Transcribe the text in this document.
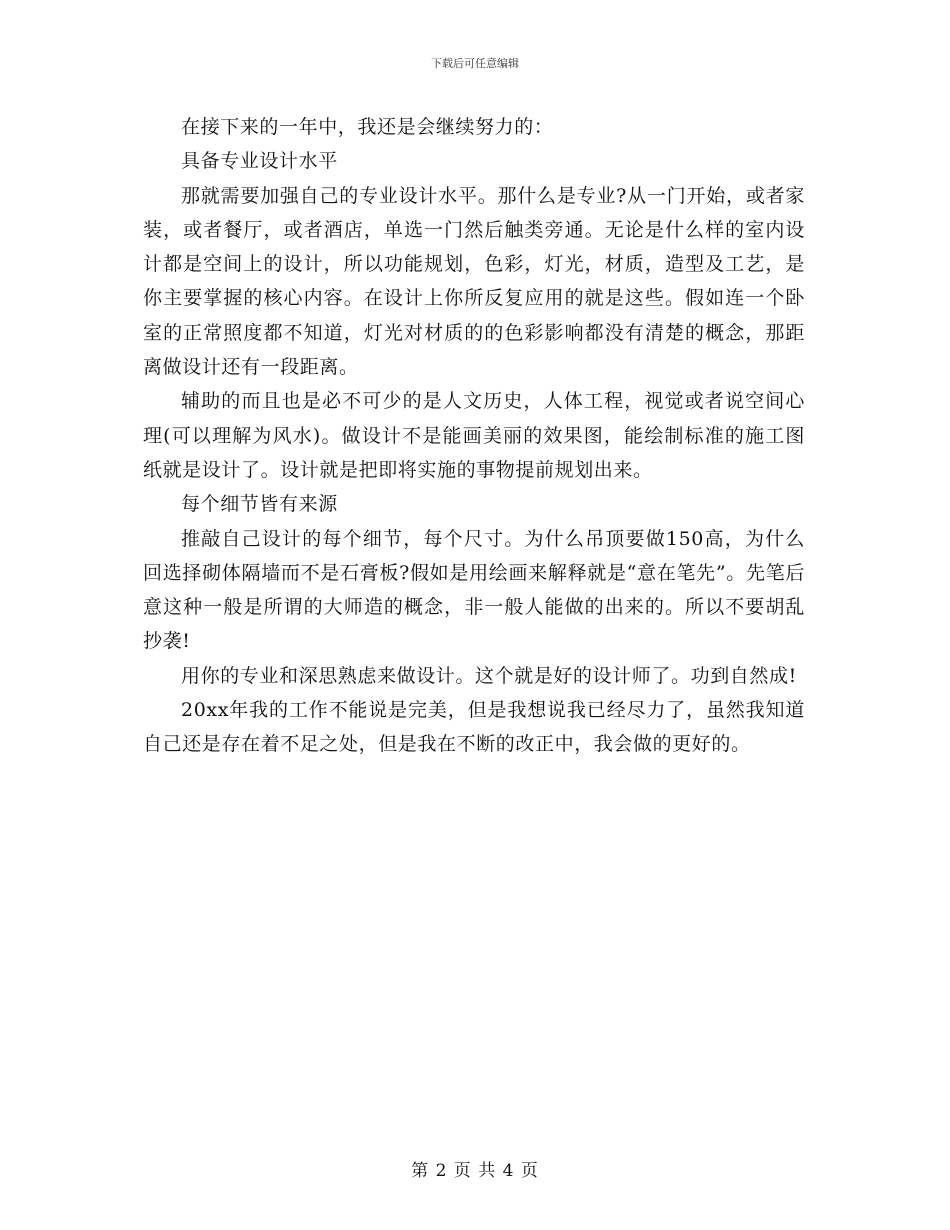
下载后可任意编辑

在接下来的一年中，我还是会继续努力的：

具备专业设计水平

那就需要加强自己的专业设计水平。那什么是专业?从一门开始，或者家装，或者餐厅，或者酒店，单选一门然后触类旁通。无论是什么样的室内设计都是空间上的设计，所以功能规划，色彩，灯光，材质，造型及工艺，是你主要掌握的核心内容。在设计上你所反复应用的就是这些。假如连一个卧室的正常照度都不知道，灯光对材质的的色彩影响都没有清楚的概念，那距离做设计还有一段距离。

辅助的而且也是必不可少的是人文历史，人体工程，视觉或者说空间心理(可以理解为风水)。做设计不是能画美丽的效果图，能绘制标准的施工图纸就是设计了。设计就是把即将实施的事物提前规划出来。

每个细节皆有来源

推敲自己设计的每个细节，每个尺寸。为什么吊顶要做150高，为什么回选择砌体隔墙而不是石膏板?假如是用绘画来解释就是“意在笔先”。先笔后意这种一般是所谓的大师造的概念，非一般人能做的出来的。所以不要胡乱抄袭!

用你的专业和深思熟虑来做设计。这个就是好的设计师了。功到自然成!

20xx年我的工作不能说是完美，但是我想说我已经尽力了，虽然我知道自己还是存在着不足之处，但是我在不断的改正中，我会做的更好的。

第 2 页 共 4 页
